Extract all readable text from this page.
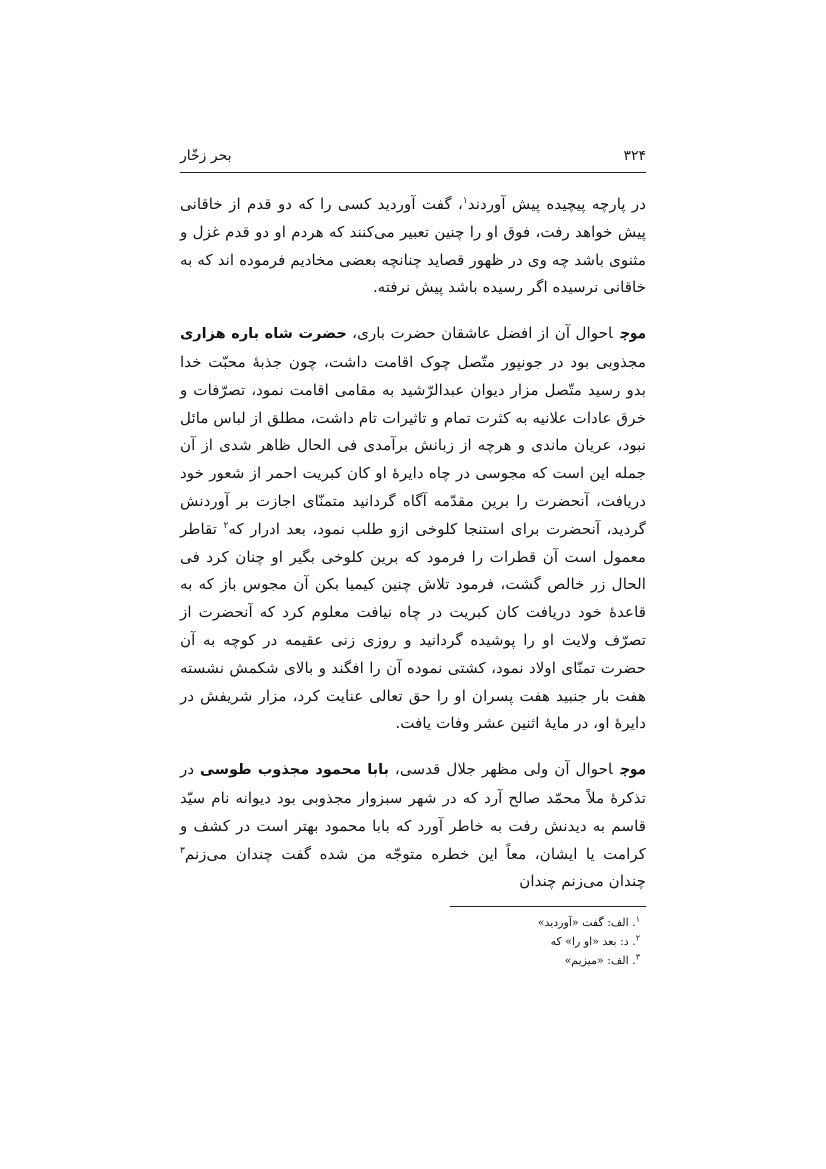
۳۲۴
بحر زخّار

در پارچه پیچیده پیش آوردند$^۱$، گفت آوردید کسی را که دو قدم از خاقانی پیش خواهد رفت، فوق او را چنین تعبیر می‌کنند که هردم او دو قدم غزل و مثنوی باشد چه وی در ظهور قصاید چنانچه بعضی مخادیم فرموده اند که به خاقانی نرسیده اگر رسیده باشد پیش نرفته.

موجاحوال آن از افضل عاشقان حضرت باری، حضرت شاه باره هزاری مجذوبی بود در جونپور متّصل چوک اقامت داشت، چون جذبهٔ محبّت خدا بدو رسید متّصل مزار دیوان عبدالرّشید به مقامی اقامت نمود، تصرّفات و خرق عادات علانیه به کثرت تمام و تاثیرات تام داشت، مطلق از لباس مائل نبود، عریان ماندی و هرچه از زبانش برآمدی فی الحال ظاهر شدی از آن جمله این است که مجوسی در چاه دایرهٔ او کان کبریت احمر از شعور خود دریافت، آنحضرت را برین مقدّمه آگاه گردانید متمنّای اجازت بر آوردنش گردید، آنحضرت برای استنجا کلوخی ازو طلب نمود، بعد ادرار که$^۲$ تقاطر معمول است آن قطرات را فرمود که برین کلوخی بگیر او چنان کرد فی الحال زر خالص گشت، فرمود تلاش چنین کیمیا بکن آن مجوس باز که به قاعدهٔ خود دریافت کان کبریت در چاه نیافت معلوم کرد که آنحضرت از تصرّف ولایت او را پوشیده گردانید و روزی زنی عقیمه در کوچه به آن حضرت تمنّای اولاد نمود، کشتی نموده آن را افگند و بالای شکمش نشسته هفت بار جنبید هفت پسران او را حق تعالی عنایت کرد، مزار شریفش در دایرهٔ او، در مایهٔ اثنین عشر وفات یافت.

موجاحوال آن ولی مظهر جلال قدسی، بابا محمود مجذوب طوسی در تذکرهٔ ملاً محمّد صالح آرد که در شهر سبزوار مجذوبی بود دیوانه نام سیّد قاسم به دیدنش رفت به خاطر آورد که بابا محمود بهتر است در کشف و کرامت یا ایشان، معاً این خطره متوجّه من شده گفت چندان می‌زنم$^۳$ چندان می‌زنم چندان

$^۱$. الف: گفت «آوردید»
$^۲$. د: بعد «او را» که
$^۳$. الف: «میزیم»
